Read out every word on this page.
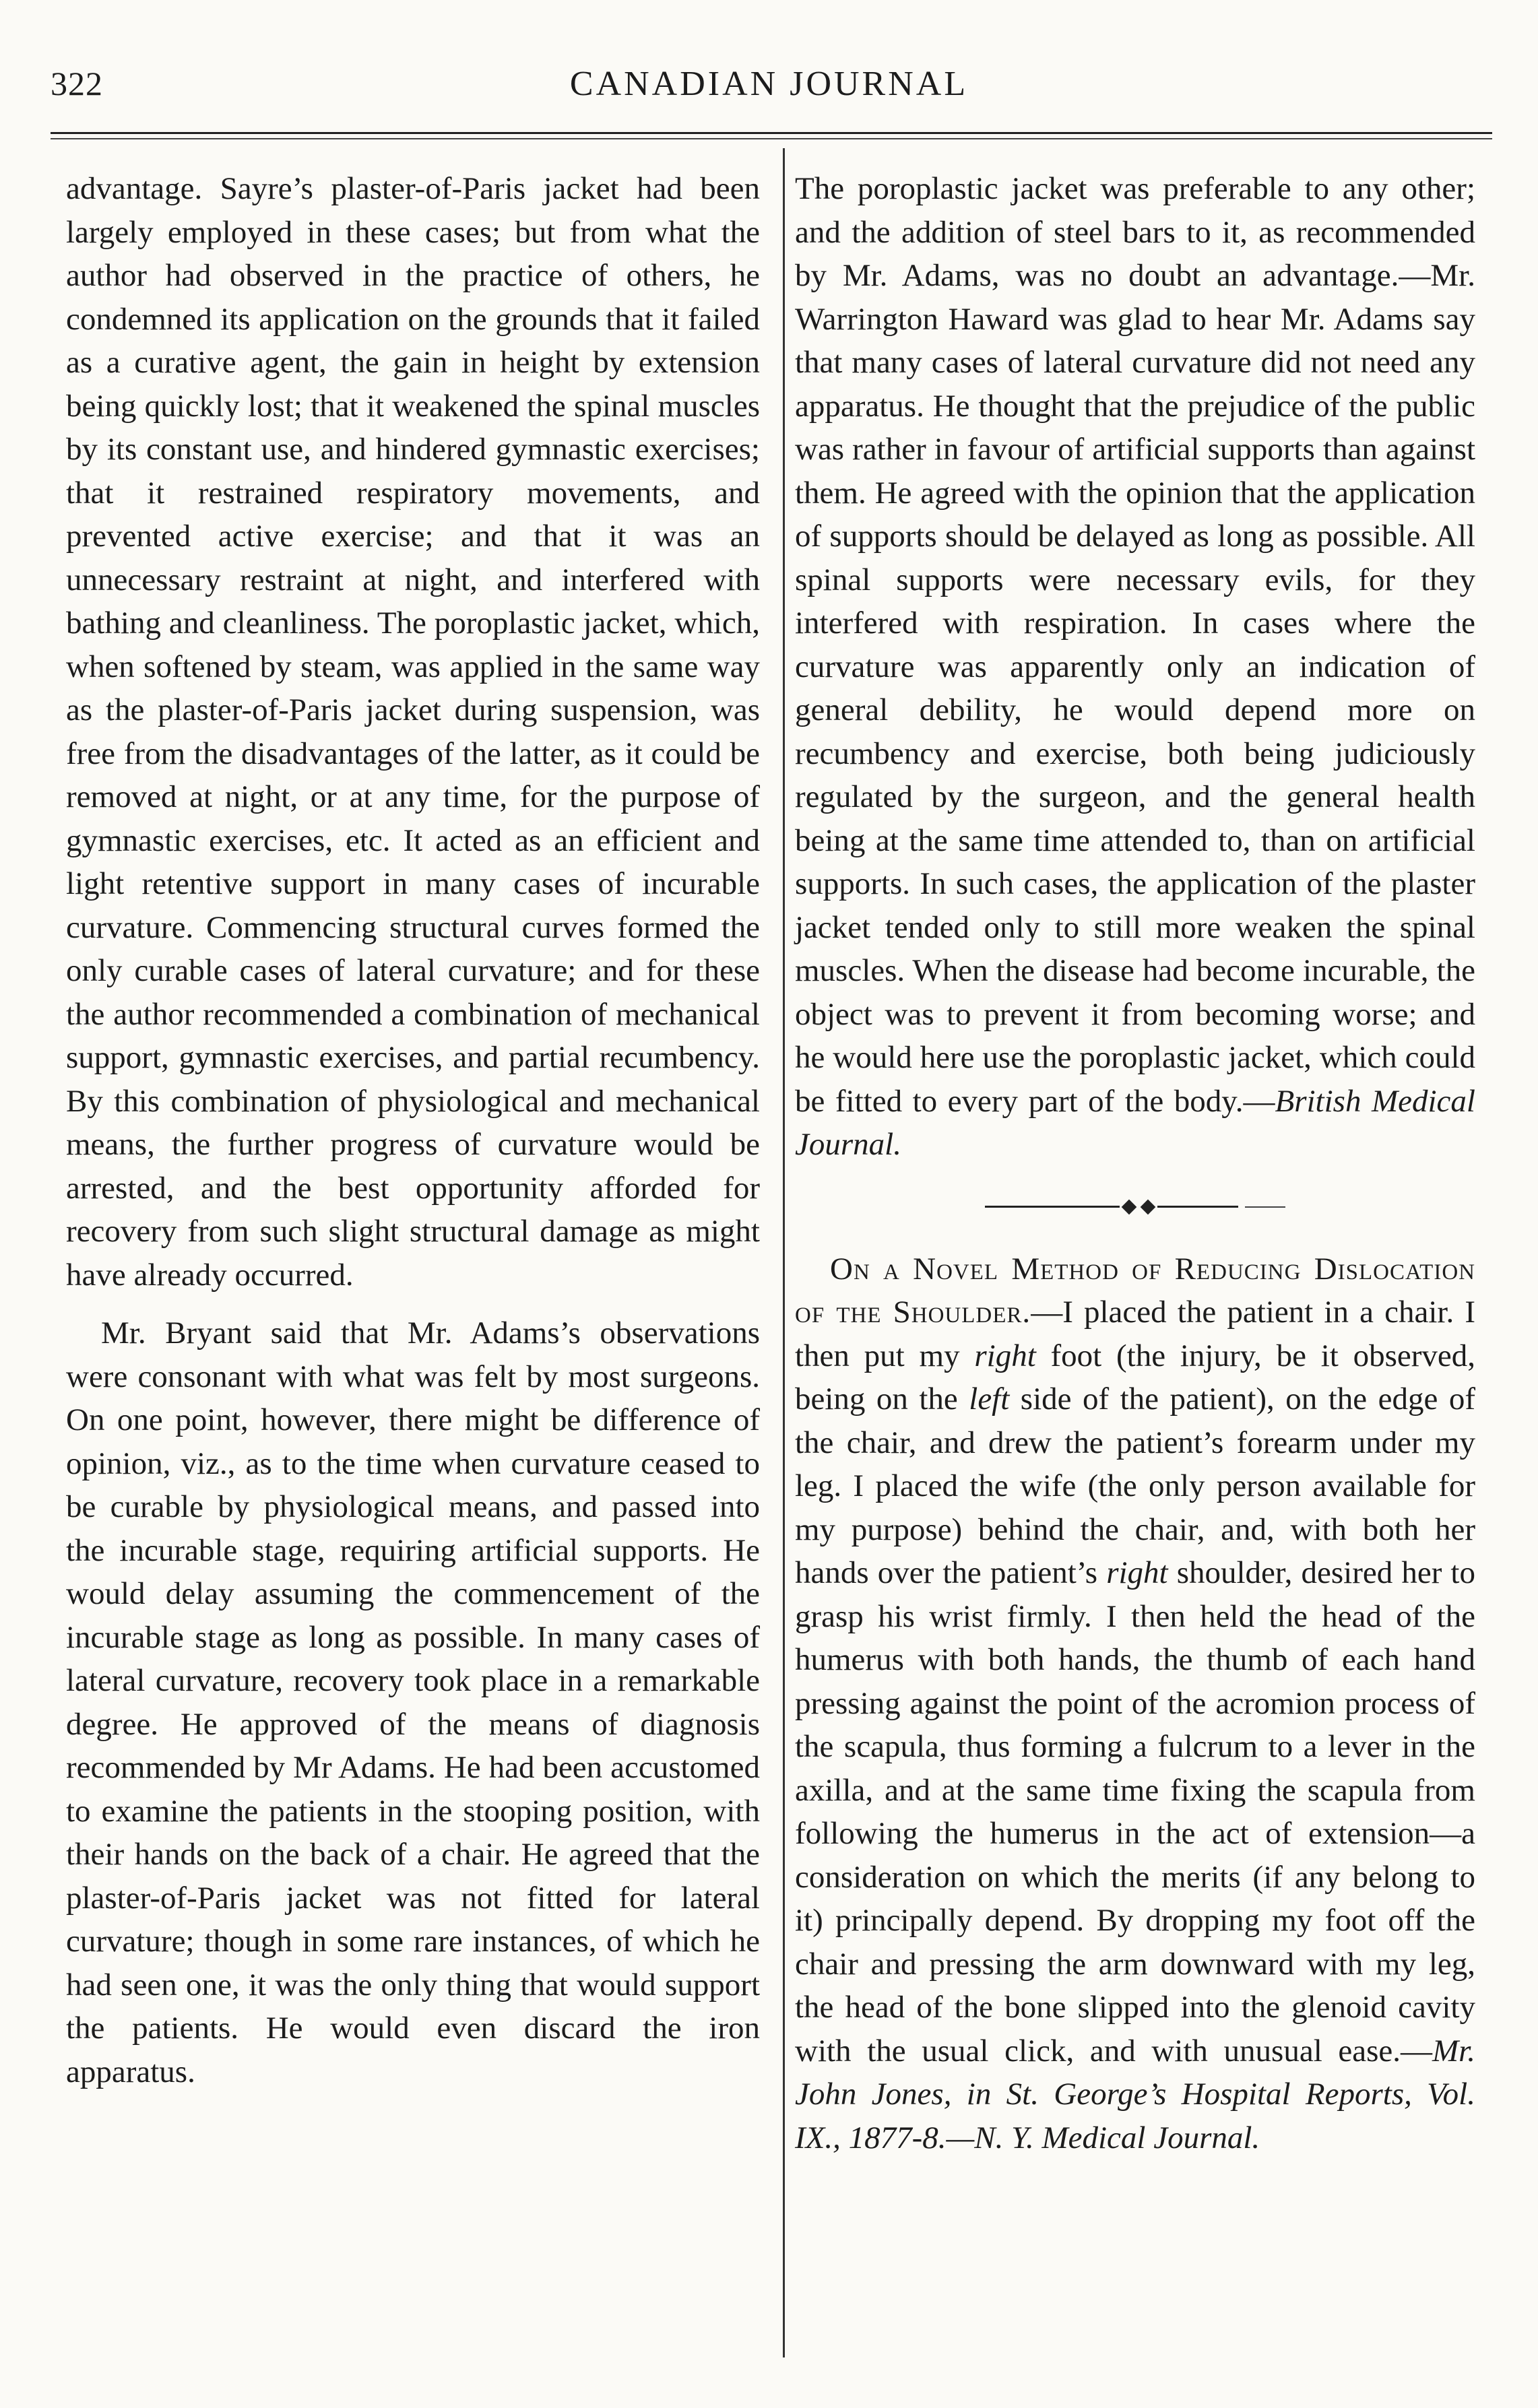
322	CANADIAN JOURNAL

advantage. Sayre’s plaster-of-Paris jacket had been largely employed in these cases; but from what the author had observed in the practice of others, he condemned its application on the grounds that it failed as a curative agent, the gain in height by extension being quickly lost; that it weakened the spinal muscles by its constant use, and hindered gymnastic exercises; that it restrained respiratory movements, and prevented active exercise; and that it was an unnecessary restraint at night, and interfered with bathing and cleanliness. The poroplastic jacket, which, when softened by steam, was applied in the same way as the plaster-of-Paris jacket during suspension, was free from the disadvantages of the latter, as it could be removed at night, or at any time, for the purpose of gymnastic exercises, etc. It acted as an efficient and light retentive support in many cases of incurable curvature. Commencing structural curves formed the only curable cases of lateral curvature; and for these the author recommended a combination of mechanical support, gymnastic exercises, and partial recumbency. By this combination of physiological and mechanical means, the further progress of curvature would be arrested, and the best opportunity afforded for recovery from such slight structural damage as might have already occurred.

Mr. Bryant said that Mr. Adams’s observations were consonant with what was felt by most surgeons. On one point, however, there might be difference of opinion, viz., as to the time when curvature ceased to be curable by physiological means, and passed into the incurable stage, requiring artificial supports. He would delay assuming the commencement of the incurable stage as long as possible. In many cases of lateral curvature, recovery took place in a remarkable degree. He approved of the means of diagnosis recommended by Mr Adams. He had been accustomed to examine the patients in the stooping position, with their hands on the back of a chair. He agreed that the plaster-of-Paris jacket was not fitted for lateral curvature; though in some rare instances, of which he had seen one, it was the only thing that would support the patients. He would even discard the iron apparatus.

The poroplastic jacket was preferable to any other; and the addition of steel bars to it, as recommended by Mr. Adams, was no doubt an advantage.—Mr. Warrington Haward was glad to hear Mr. Adams say that many cases of lateral curvature did not need any apparatus. He thought that the prejudice of the public was rather in favour of artificial supports than against them. He agreed with the opinion that the application of supports should be delayed as long as possible. All spinal supports were necessary evils, for they interfered with respiration. In cases where the curvature was apparently only an indication of general debility, he would depend more on recumbency and exercise, both being judiciously regulated by the surgeon, and the general health being at the same time attended to, than on artificial supports. In such cases, the application of the plaster jacket tended only to still more weaken the spinal muscles. When the disease had become incurable, the object was to prevent it from becoming worse; and he would here use the poroplastic jacket, which could be fitted to every part of the body.—British Medical Journal.

On a Novel Method of Reducing Dislocation of the Shoulder.—I placed the patient in a chair. I then put my right foot (the injury, be it observed, being on the left side of the patient), on the edge of the chair, and drew the patient’s forearm under my leg. I placed the wife (the only person available for my purpose) behind the chair, and, with both her hands over the patient’s right shoulder, desired her to grasp his wrist firmly. I then held the head of the humerus with both hands, the thumb of each hand pressing against the point of the acromion process of the scapula, thus forming a fulcrum to a lever in the axilla, and at the same time fixing the scapula from following the humerus in the act of extension—a consideration on which the merits (if any belong to it) principally depend. By dropping my foot off the chair and pressing the arm downward with my leg, the head of the bone slipped into the glenoid cavity with the usual click, and with unusual ease.—Mr. John Jones, in St. George’s Hospital Reports, Vol. IX., 1877-8.—N. Y. Medical Journal.
